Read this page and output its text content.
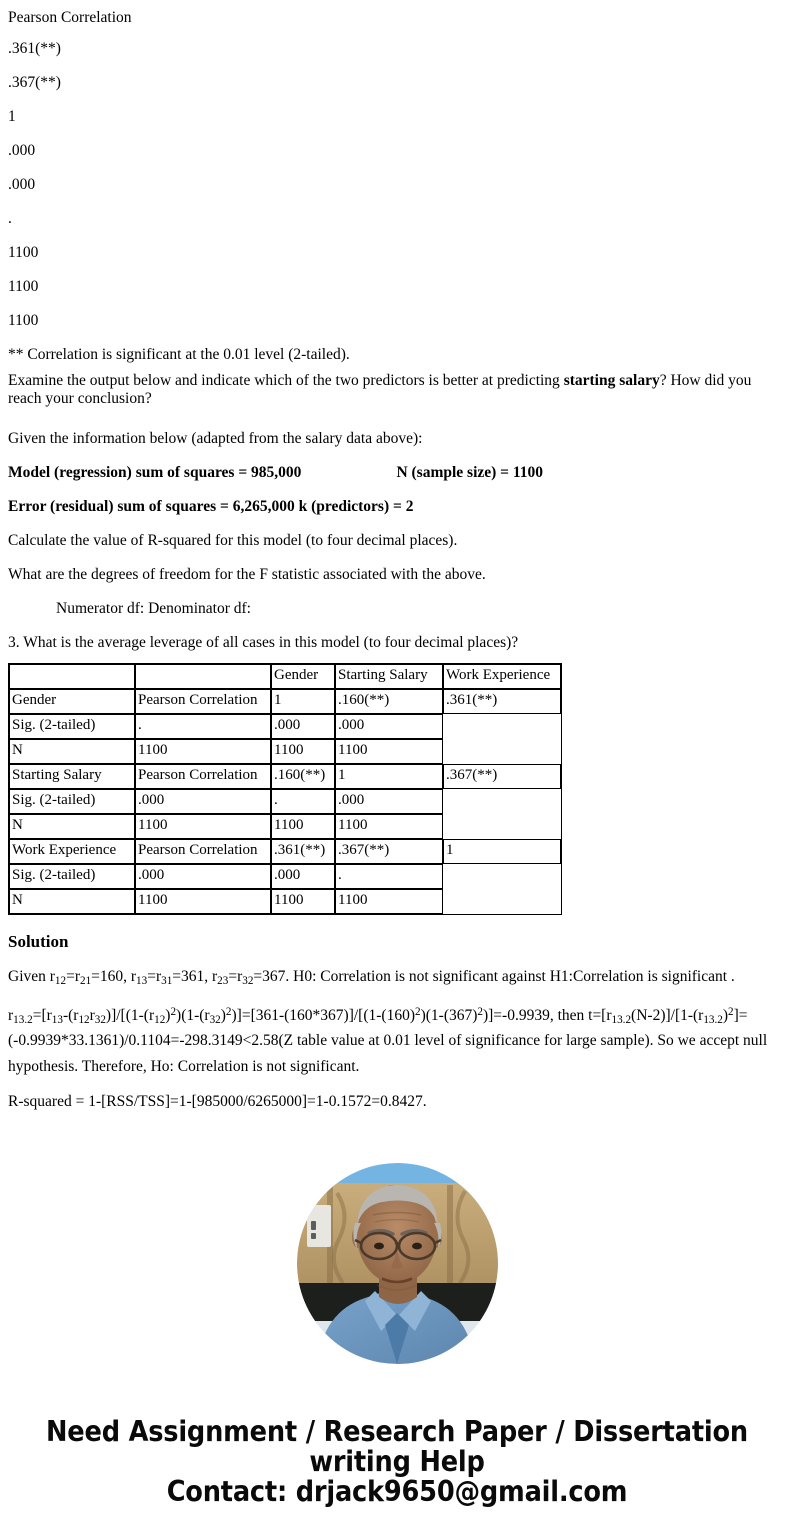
Pearson Correlation
.361(**)
.367(**)
1
.000
.000
.
1100
1100
1100
** Correlation is significant at the 0.01 level (2-tailed).

Examine the output below and indicate which of the two predictors is better at predicting starting salary? How did you reach your conclusion?

Given the information below (adapted from the salary data above):
Model (regression) sum of squares = 985,000	N (sample size) = 1100
Error (residual) sum of squares = 6,265,000 k (predictors) = 2
Calculate the value of R-squared for this model (to four decimal places).
What are the degrees of freedom for the F statistic associated with the above.
Numerator df: Denominator df:
3. What is the average leverage of all cases in this model (to four decimal places)?
		Gender	Starting Salary	Work Experience
Gender	Pearson Correlation	1	.160(**)	.361(**)
Sig. (2-tailed)	.	.000	.000	
N	1100	1100	1100	
Starting Salary	Pearson Correlation	.160(**)	1	.367(**)
Sig. (2-tailed)	.000	.	.000	
N	1100	1100	1100	
Work Experience	Pearson Correlation	.361(**)	.367(**)	1
Sig. (2-tailed)	.000	.000	.	
N	1100	1100	1100	
Solution

Given $r_{12}=r_{21}=160$, $r_{13}=r_{31}=361$, $r_{23}=r_{32}=367$. H0: Correlation is not significant against H1:Correlation is significant .

$r_{13.2}=[r_{13}-(r_{12}r_{32})]/[(1-(r_{12})^2)(1-(r_{32})^2)]=[361-(160*367)]/[(1-(160)^2)(1-(367)^2)]=-0.9939$, then $t=[r_{13.2}(N-2)]/[1-(r_{13.2})^2]=(-0.9939*33.1361)/0.1104=-298.3149<2.58(Z$ table value at 0.01 level of significance for large sample). So we accept null hypothesis. Therefore, Ho: Correlation is not significant.

R-squared = 1-[RSS/TSS]=1-[985000/6265000]=1-0.1572=0.8427.

Need Assignment / Research Paper / Dissertation
writing Help
Contact: drjack9650@gmail.com
